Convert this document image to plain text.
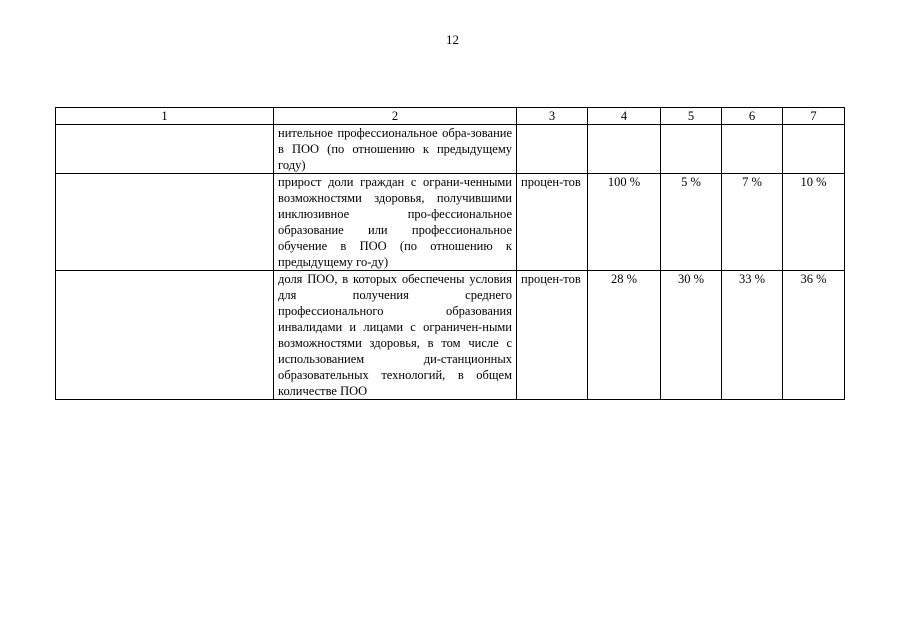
12
1	2	3	4	5	6	7
	нительное профессиональное обра-зование в ПОО (по отношению к предыдущему году)					
	прирост доли граждан с ограни-ченными возможностями здоровья, получившими инклюзивное про-фессиональное образование или профессиональное обучение в ПОО (по отношению к предыдущему го-ду)	процен-тов	100 %	5 %	7 %	10 %
	доля ПОО, в которых обеспечены условия для получения среднего профессионального образования инвалидами и лицами с ограничен-ными возможностями здоровья, в том числе с использованием ди-станционных образовательных технологий, в общем количестве ПОО	процен-тов	28 %	30 %	33 %	36 %
